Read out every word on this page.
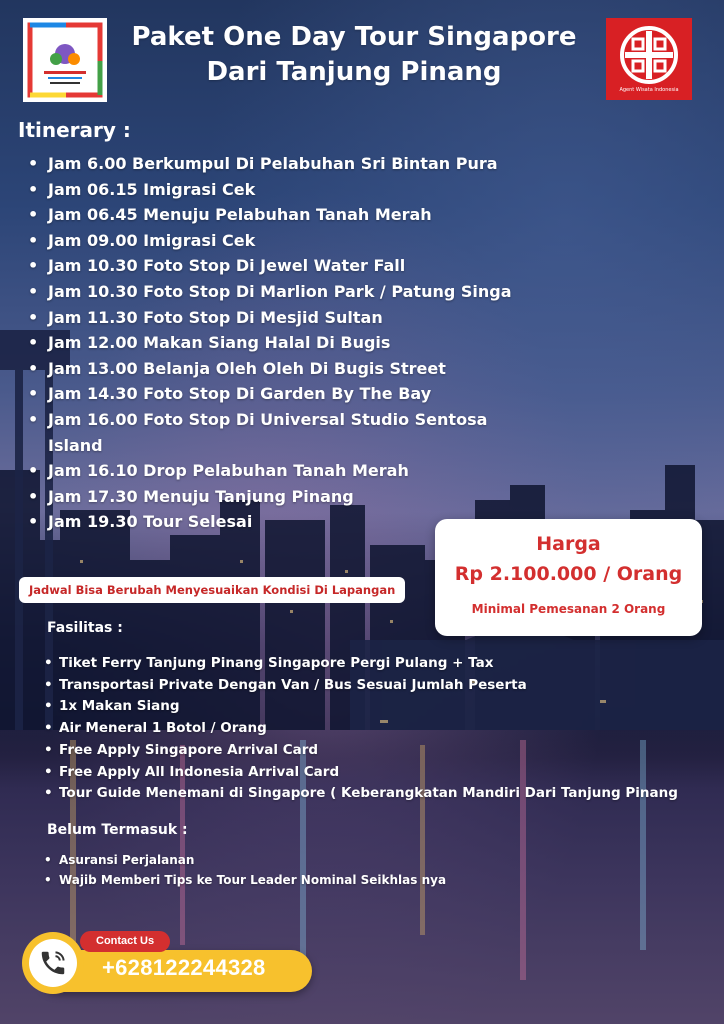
Agent Wisata Indonesia
Paket One Day Tour Singapore
Dari Tanjung Pinang
Itinerary :
• Jam 6.00 Berkumpul Di Pelabuhan Sri Bintan Pura
• Jam 06.15 Imigrasi Cek
• Jam 06.45 Menuju Pelabuhan Tanah Merah
• Jam 09.00 Imigrasi Cek
• Jam 10.30 Foto Stop Di Jewel Water Fall
• Jam 10.30 Foto Stop Di Marlion Park / Patung Singa
• Jam 11.30 Foto Stop Di Mesjid Sultan
• Jam 12.00 Makan Siang Halal Di Bugis
• Jam 13.00 Belanja Oleh Oleh Di Bugis Street
• Jam 14.30 Foto Stop Di Garden By The Bay
• Jam 16.00 Foto Stop Di Universal Studio Sentosa Island
• Jam 16.10 Drop Pelabuhan Tanah Merah
• Jam 17.30 Menuju Tanjung Pinang
• Jam 19.30 Tour Selesai
Harga
Rp 2.100.000 / Orang
Minimal Pemesanan 2 Orang
Jadwal Bisa Berubah Menyesuaikan Kondisi Di Lapangan
Fasilitas :
• Tiket Ferry Tanjung Pinang Singapore Pergi Pulang + Tax
• Transportasi Private Dengan Van / Bus Sesuai Jumlah Peserta
• 1x Makan Siang
• Air Meneral 1 Botol / Orang
• Free Apply Singapore Arrival Card
• Free Apply All Indonesia Arrival Card
• Tour Guide Menemani di Singapore ( Keberangkatan Mandiri Dari Tanjung Pinang
Belum Termasuk :
• Asuransi Perjalanan
• Wajib Memberi Tips ke Tour Leader Nominal Seikhlas nya
+628122244328
Contact Us
